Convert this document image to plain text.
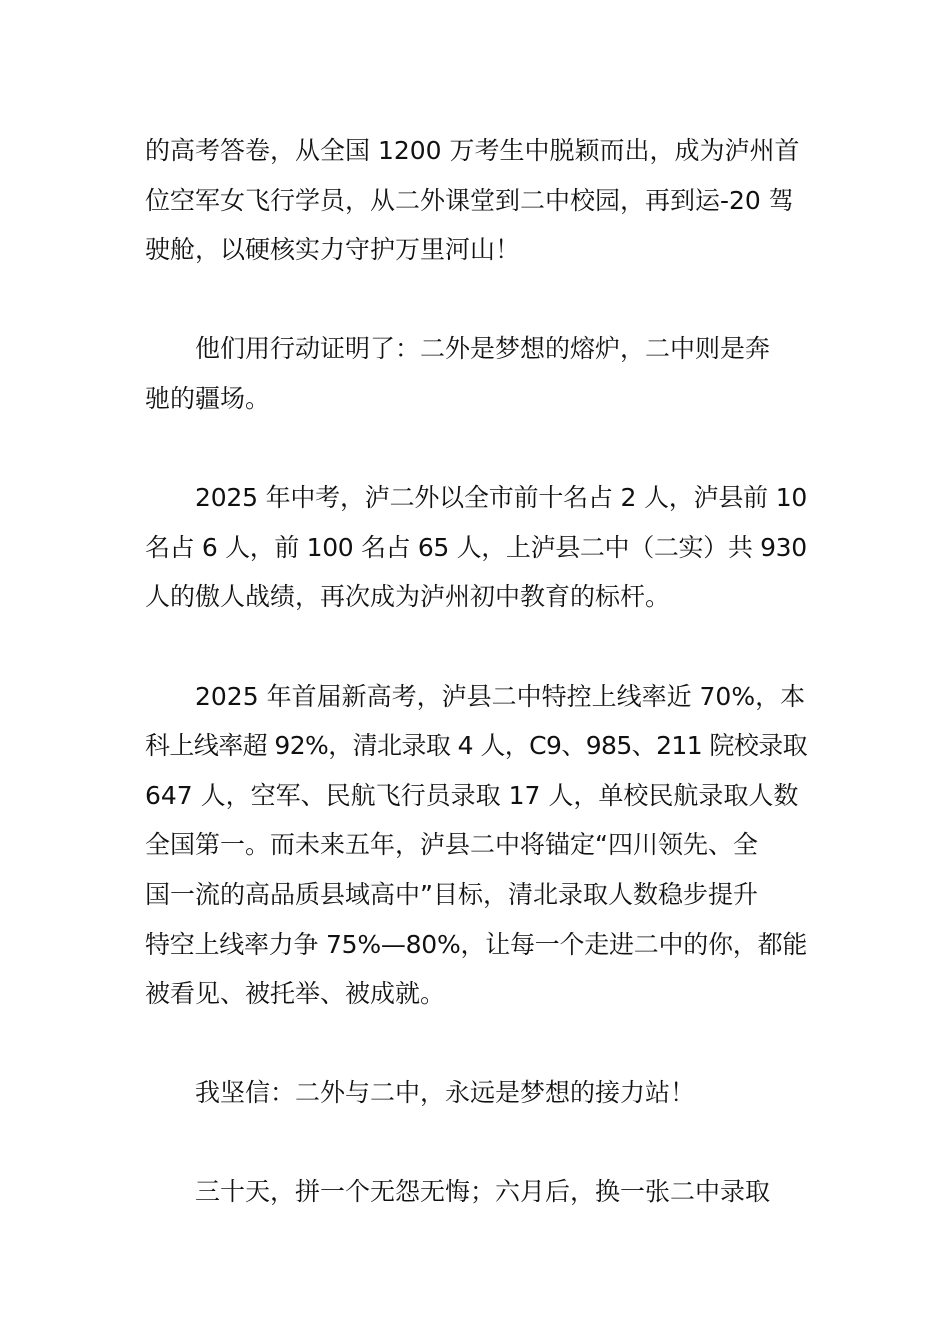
的高考答卷，从全国 1200 万考生中脱颖而出，成为泸州首
位空军女飞行学员，从二外课堂到二中校园，再到运-20 驾
驶舱，以硬核实力守护万里河山！
他们用行动证明了：二外是梦想的熔炉，二中则是奔
驰的疆场。
2025 年中考，泸二外以全市前十名占 2 人，泸县前 10
名占 6 人，前 100 名占 65 人，上泸县二中（二实）共 930
人的傲人战绩，再次成为泸州初中教育的标杆。
2025 年首届新高考，泸县二中特控上线率近 70%，本
科上线率超 92%，清北录取 4 人，C9、985、211 院校录取
647 人，空军、民航飞行员录取 17 人，单校民航录取人数
全国第一。而未来五年，泸县二中将锚定“四川领先、全
国一流的高品质县域高中”目标，清北录取人数稳步提升
特空上线率力争 75%—80%，让每一个走进二中的你，都能
被看见、被托举、被成就。
我坚信：二外与二中，永远是梦想的接力站！
三十天，拼一个无怨无悔；六月后，换一张二中录取
